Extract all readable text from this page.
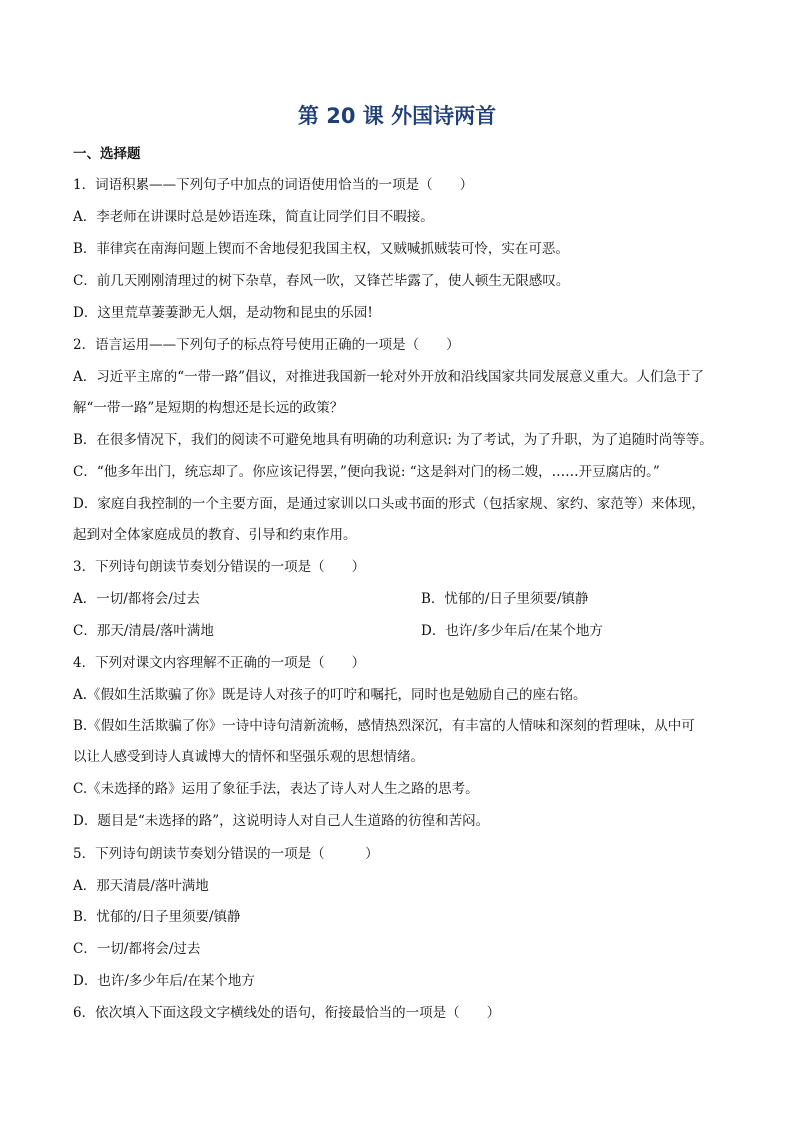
第 20 课 外国诗两首
一、选择题
1．词语积累——下列句子中加点的词语使用恰当的一项是（　　）
A．李老师在讲课时总是妙语连珠，简直让同学们目不暇接。
B．菲律宾在南海问题上锲而不舍地侵犯我国主权，又贼喊抓贼装可怜，实在可恶。
C．前几天刚刚清理过的树下杂草，春风一吹，又锋芒毕露了，使人顿生无限感叹。
D．这里荒草萋萋渺无人烟，是动物和昆虫的乐园!
2．语言运用——下列句子的标点符号使用正确的一项是（　　）
A．习近平主席的“一带一路”倡议，对推进我国新一轮对外开放和沿线国家共同发展意义重大。人们急于了
解“一带一路”是短期的构想还是长远的政策？
B．在很多情况下，我们的阅读不可避免地具有明确的功利意识: 为了考试，为了升职，为了追随时尚等等。
C．“他多年出门，统忘却了。你应该记得罢，”便向我说: “这是斜对门的杨二嫂，……开豆腐店的。”
D．家庭自我控制的一个主要方面，是通过家训以口头或书面的形式（包括家规、家约、家范等）来体现，
起到对全体家庭成员的教育、引导和约束作用。
3．下列诗句朗读节奏划分错误的一项是（　　）
A．一切/都将会/过去	B．忧郁的/日子里须要/镇静
C．那天/清晨/落叶满地	D．也许/多少年后/在某个地方
4．下列对课文内容理解不正确的一项是（　　）
A.《假如生活欺骗了你》既是诗人对孩子的叮咛和嘱托，同时也是勉励自己的座右铭。
B.《假如生活欺骗了你》一诗中诗句清新流畅，感情热烈深沉，有丰富的人情味和深刻的哲理味，从中可
以让人感受到诗人真诚博大的情怀和坚强乐观的思想情绪。
C.《未选择的路》运用了象征手法，表达了诗人对人生之路的思考。
D．题目是“未选择的路”，这说明诗人对自己人生道路的彷徨和苦闷。
5．下列诗句朗读节奏划分错误的一项是（　　　）
A．那天清晨/落叶满地
B．忧郁的/日子里须要/镇静
C．一切/都将会/过去
D．也许/多少年后/在某个地方
6．依次填入下面这段文字横线处的语句，衔接最恰当的一项是（　　）
